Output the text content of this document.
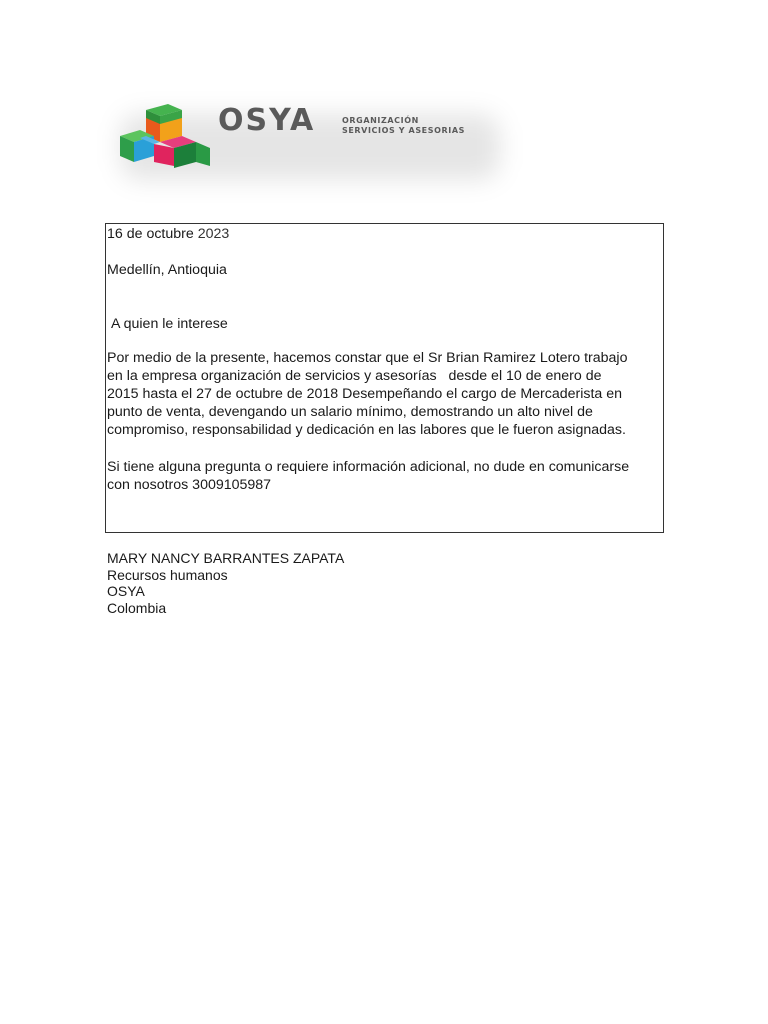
OSYA	ORGANIZACIÓN
SERVICIOS Y ASESORIAS

16 de octubre 2023

Medellín, Antioquia

A quien le interese

Por medio de la presente, hacemos constar que el Sr Brian Ramirez Lotero trabajo
en la empresa organización de servicios y asesorías   desde el 10 de enero de
2015 hasta el 27 de octubre de 2018 Desempeñando el cargo de Mercaderista en
punto de venta, devengando un salario mínimo, demostrando un alto nivel de
compromiso, responsabilidad y dedicación en las labores que le fueron asignadas.

Si tiene alguna pregunta o requiere información adicional, no dude en comunicarse
con nosotros 3009105987

MARY NANCY BARRANTES ZAPATA
Recursos humanos
OSYA
Colombia
